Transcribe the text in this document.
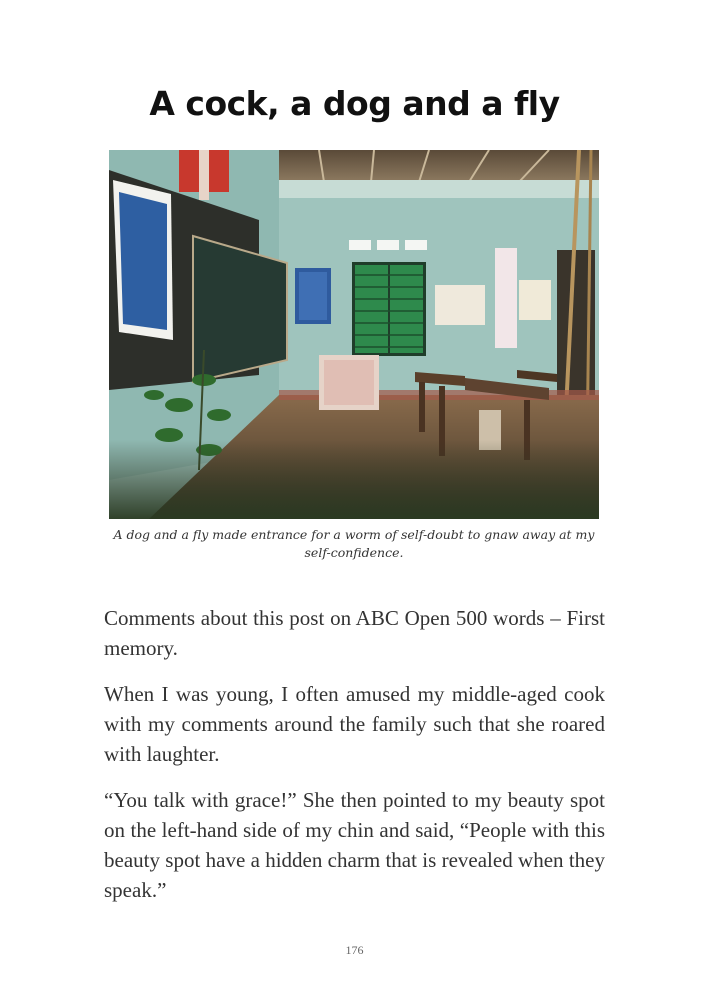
A cock, a dog and a fly
A dog and a fly made entrance for a worm of self-doubt to gnaw away at my self-confidence.

Comments about this post on ABC Open 500 words – First memory.

When I was young, I often amused my middle-aged cook with my comments around the family such that she roared with laughter.

“You talk with grace!” She then pointed to my beauty spot on the left-hand side of my chin and said, “People with this beauty spot have a hidden charm that is revealed when they speak.”

176
